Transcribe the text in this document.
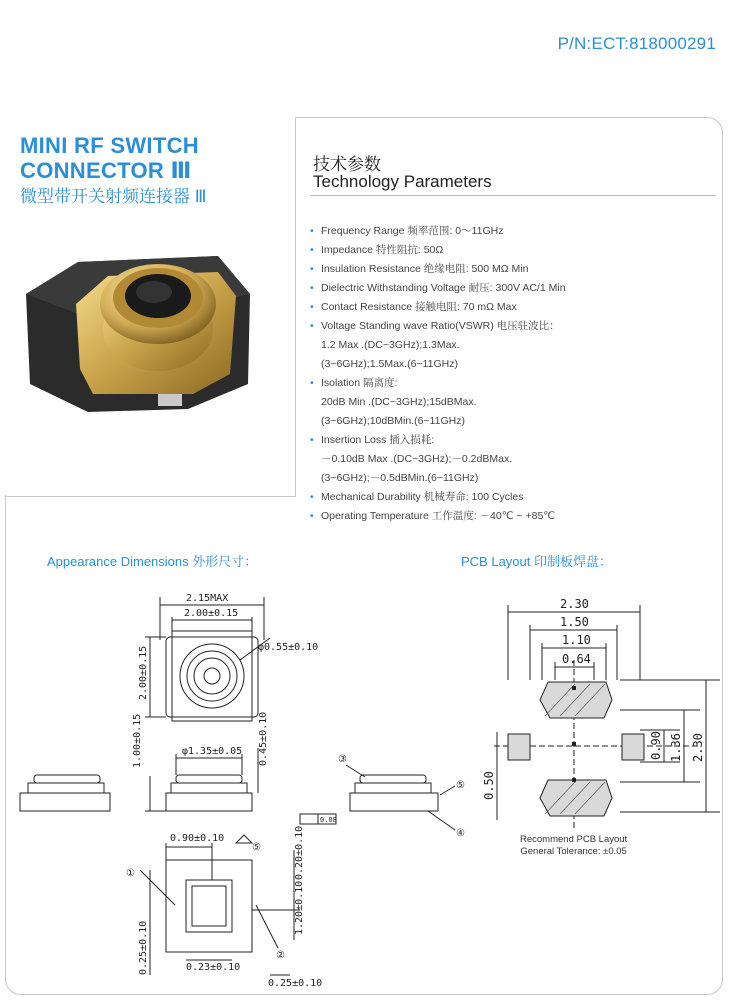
P/N:ECT:818000291
MINI RF SWITCH
CONNECTOR Ⅲ
微型带开关射频连接器 Ⅲ
技术参数
Technology Parameters
• Frequency Range 频率范围: 0～11GHz
• Impedance 特性阻抗: 50Ω
• Insulation Resistance 绝缘电阻: 500 MΩ Min
• Dielectric Withstanding Voltage 耐压: 300V AC/1 Min
• Contact Resistance 接触电阻: 70 mΩ Max
• Voltage Standing wave Ratio(VSWR) 电压驻波比：
1.2 Max .(DC~3GHz);1.3Max.
(3~6GHz);1.5Max.(6~11GHz)
• Isolation 隔离度:
20dB Min .(DC~3GHz);15dBMax.
(3~6GHz);10dBMin.(6~11GHz)
• Insertion Loss 插入损耗:
－0.10dB Max .(DC~3GHz);－0.2dBMax.
(3~6GHz);－0.5dBMin.(6~11GHz)
• Mechanical Durability 机械寿命: 100 Cycles
• Operating Temperature 工作温度: －40℃ ~ +85℃
Appearance Dimensions 外形尺寸：	PCB Layout 印制板焊盘：
2.15MAX
2.00±0.15
φ0.55±0.10
2.00±0.15
1.00±0.15	φ1.35±0.05 0.45±0.10
0.90±0.10	0.20±0.10
1.20±0.10
0.25±0.10	0.23±0.10
0.25±0.10
0.08
①
②
③
④
⑤
⑤
2.30
1.50
1.10
0.64
0.90 1.36 2.30
0.50
Recommend PCB Layout
General Tolerance: ±0.05
